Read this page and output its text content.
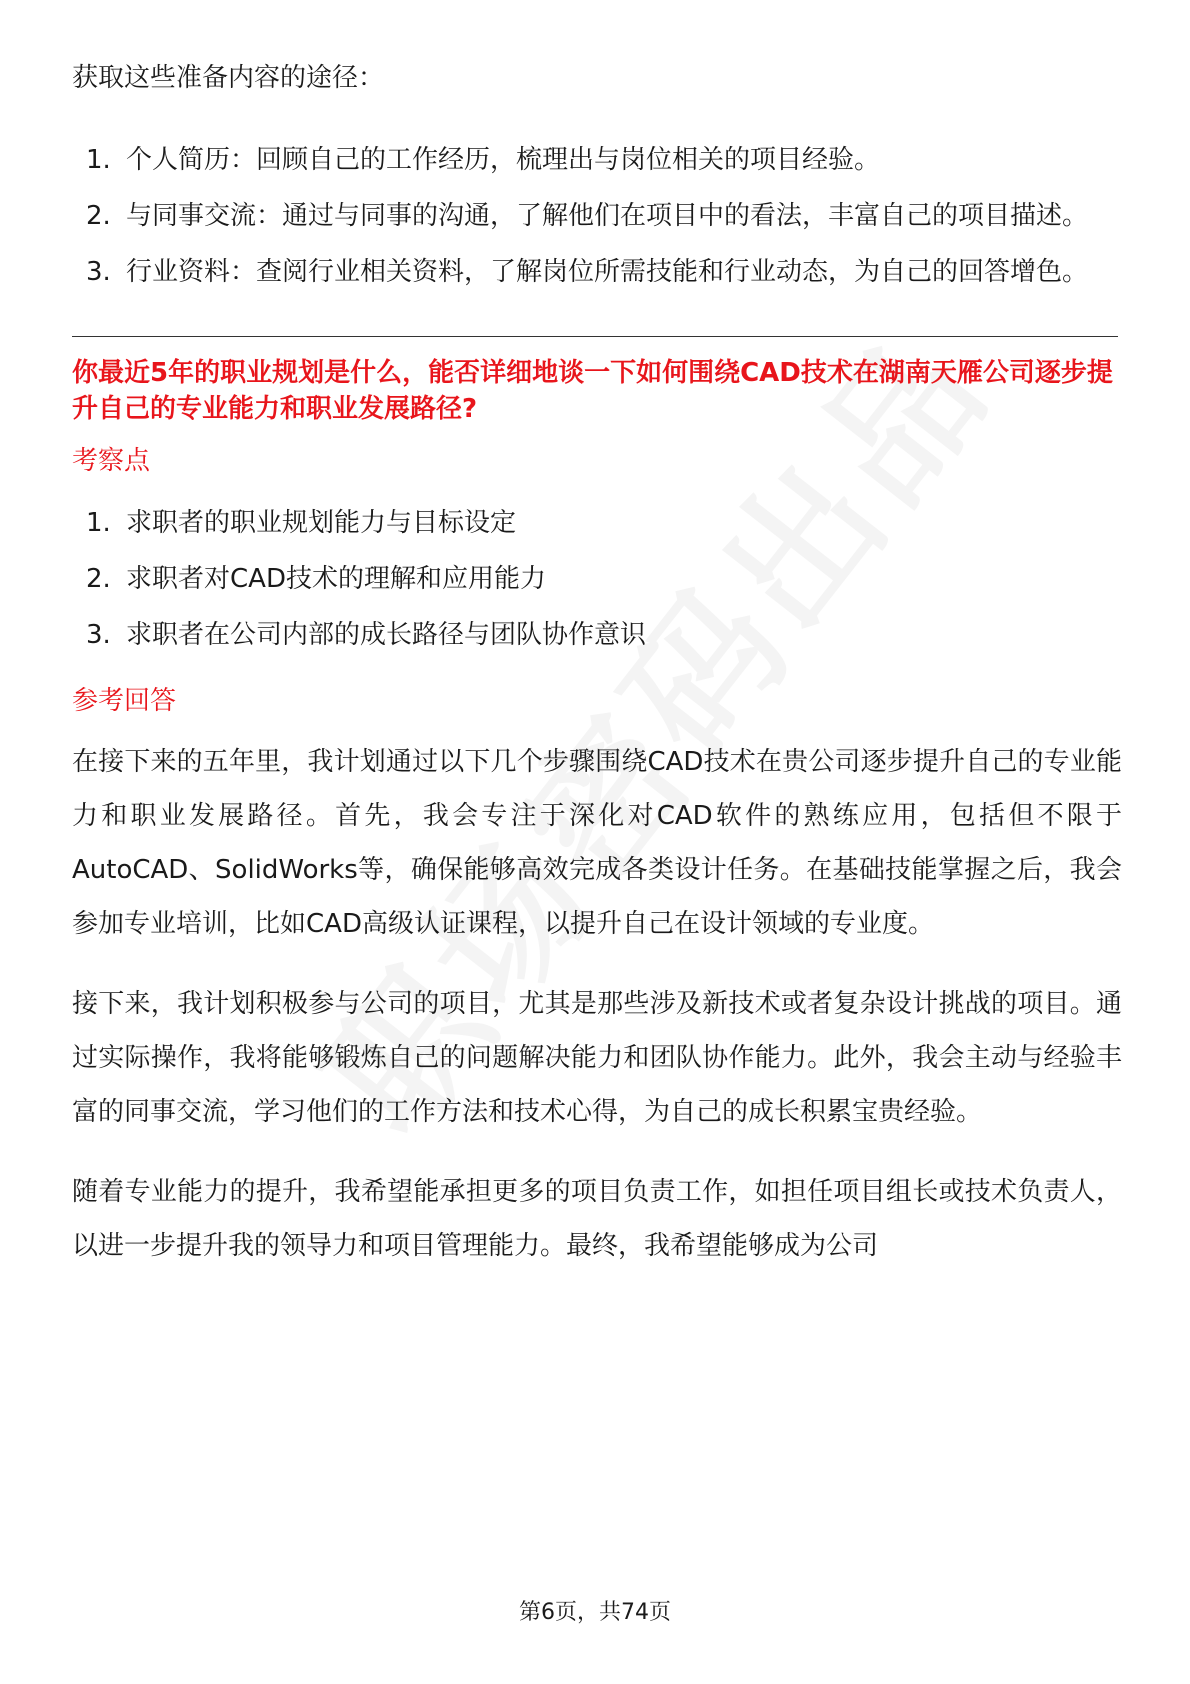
获取这些准备内容的途径：

1. 个人简历：回顾自己的工作经历，梳理出与岗位相关的项目经验。
2. 与同事交流：通过与同事的沟通，了解他们在项目中的看法，丰富自己的项目描述。
3. 行业资料：查阅行业相关资料，了解岗位所需技能和行业动态，为自己的回答增色。

你最近5年的职业规划是什么，能否详细地谈一下如何围绕CAD技术在湖南天雁公司逐步提升自己的专业能力和职业发展路径?

考察点

1. 求职者的职业规划能力与目标设定
2. 求职者对CAD技术的理解和应用能力
3. 求职者在公司内部的成长路径与团队协作意识

参考回答

在接下来的五年里，我计划通过以下几个步骤围绕CAD技术在贵公司逐步提升自己的专业能力和职业发展路径。首先，我会专注于深化对CAD软件的熟练应用，包括但不限于AutoCAD、SolidWorks等，确保能够高效完成各类设计任务。在基础技能掌握之后，我会参加专业培训，比如CAD高级认证课程，以提升自己在设计领域的专业度。

接下来，我计划积极参与公司的项目，尤其是那些涉及新技术或者复杂设计挑战的项目。通过实际操作，我将能够锻炼自己的问题解决能力和团队协作能力。此外，我会主动与经验丰富的同事交流，学习他们的工作方法和技术心得，为自己的成长积累宝贵经验。

随着专业能力的提升，我希望能承担更多的项目负责工作，如担任项目组长或技术负责人，以进一步提升我的领导力和项目管理能力。最终，我希望能够成为公司

第6页，共74页
